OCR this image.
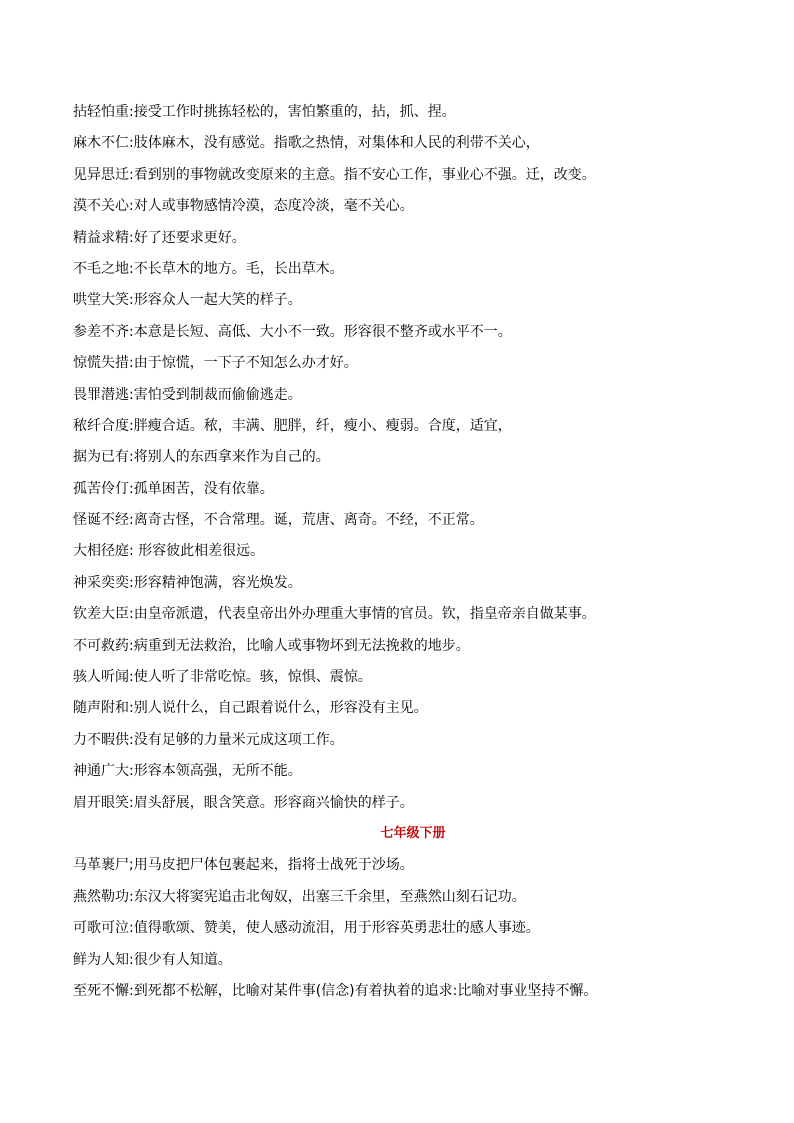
拈轻怕重:接受工作时挑拣轻松的，害怕繁重的，拈，抓、捏。
麻木不仁:肢体麻木，没有感觉。指歌之热情，对集体和人民的利带不关心，
见异思迁:看到别的事物就改变原来的主意。指不安心工作，事业心不强。迁，改变。
漠不关心:对人或事物感情冷漠，态度冷淡，毫不关心。
精益求精:好了还要求更好。
不毛之地:不长草木的地方。毛，长出草木。
哄堂大笑:形容众人一起大笑的样子。
参差不齐:本意是长短、高低、大小不一致。形容很不整齐或水平不一。
惊慌失措:由于惊慌，一下子不知怎么办才好。
畏罪潜逃:害怕受到制裁而偷偷逃走。
秾纤合度:胖瘦合适。秾，丰满、肥胖，纤，瘦小、瘦弱。合度，适宜，
据为已有:将别人的东西拿来作为自己的。
孤苦伶仃:孤单困苦，没有依靠。
怪诞不经:离奇古怪，不合常理。诞，荒唐、离奇。不经，不正常。
大相径庭: 形容彼此相差很远。
神采奕奕:形容精神饱满，容光焕发。
钦差大臣:由皇帝派遣，代表皇帝出外办理重大事情的官员。钦，指皇帝亲自做某事。
不可救药:病重到无法救治，比喻人或事物坏到无法挽救的地步。
骇人听闻:使人听了非常吃惊。骇，惊惧、震惊。
随声附和:别人说什么，自己跟着说什么，形容没有主见。
力不暇供:没有足够的力量米元成这项工作。
神通广大:形容本领高强，无所不能。
眉开眼笑:眉头舒展，眼含笑意。形容商兴愉快的样子。
七年级下册
马革裹尸;用马皮把尸体包裹起来，指将士战死于沙场。
燕然勒功:东汉大将窦宪追击北匈奴，出塞三千余里，至燕然山刻石记功。
可歌可泣:值得歌颂、赞美，使人感动流泪，用于形容英勇悲壮的感人事迹。
鲜为人知:很少有人知道。
至死不懈:到死都不松解，比喻对某件事(信念)有着执着的追求:比喻对事业坚持不懈。
